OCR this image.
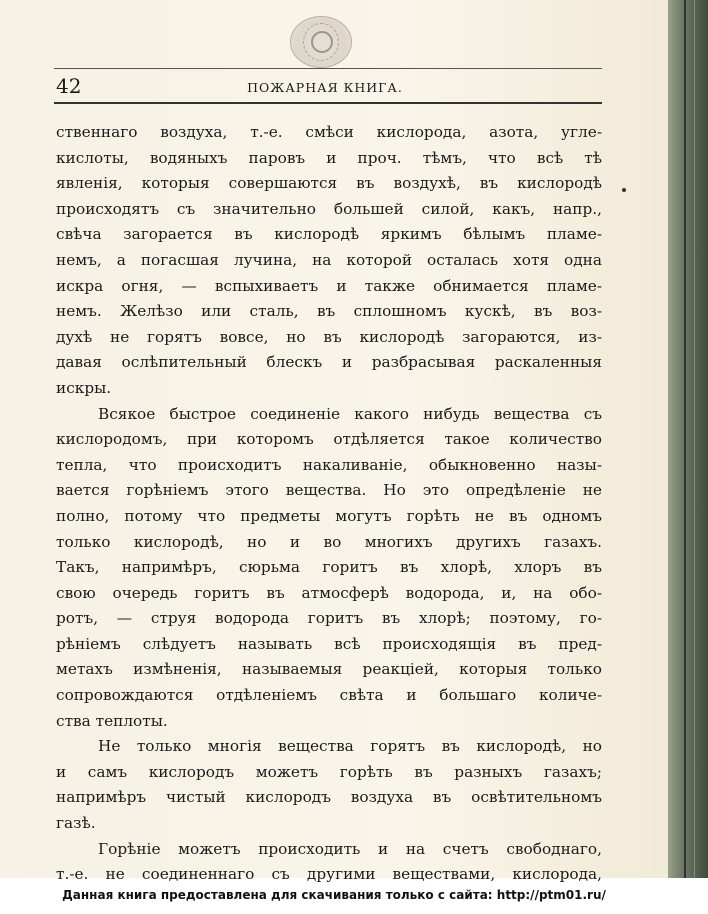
42	ПОЖАРНАЯ КНИГА.
ственнаго воздуха, т.-е. смѣси кислорода, азота, угле-
кислоты, водяныхъ паровъ и проч. тѣмъ, что всѣ тѣ
явленія, которыя совершаются въ воздухѣ, въ кислородѣ
происходятъ съ значительно большей силой, какъ, напр.,
свѣча загорается въ кислородѣ яркимъ бѣлымъ пламе-
немъ, а погасшая лучина, на которой осталась хотя одна
искра огня, — вспыхиваетъ и также обнимается пламе-
немъ. Желѣзо или сталь, въ сплошномъ кускѣ, въ воз-
духѣ не горятъ вовсе, но въ кислородѣ загораются, из-
давая ослѣпительный блескъ и разбрасывая раскаленныя
искры.
Всякое быстрое соединеніе какого нибудь вещества съ
кислородомъ, при которомъ отдѣляется такое количество
тепла, что происходитъ накаливаніе, обыкновенно назы-
вается горѣніемъ этого вещества. Но это опредѣленіе не
полно, потому что предметы могутъ горѣть не въ одномъ
только кислородѣ, но и во многихъ другихъ газахъ.
Такъ, напримѣръ, сюрьма горитъ въ хлорѣ, хлоръ въ
свою очередь горитъ въ атмосферѣ водорода, и, на обо-
ротъ, — струя водорода горитъ въ хлорѣ; поэтому, го-
рѣніемъ слѣдуетъ называть всѣ происходящія въ пред-
метахъ измѣненія, называемыя реакціей, которыя только
сопровождаются отдѣленіемъ свѣта и большаго количе-
ства теплоты.
Не только многія вещества горятъ въ кислородѣ, но
и самъ кислородъ можетъ горѣть въ разныхъ газахъ;
напримѣръ чистый кислородъ воздуха въ освѣтительномъ
газѣ.
Горѣніе можетъ происходить и на счетъ свободнаго,
т.-е. не соединеннаго съ другими веществами, кислорода,
Данная книга предоставлена для скачивания только с сайта: http://ptm01.ru/
